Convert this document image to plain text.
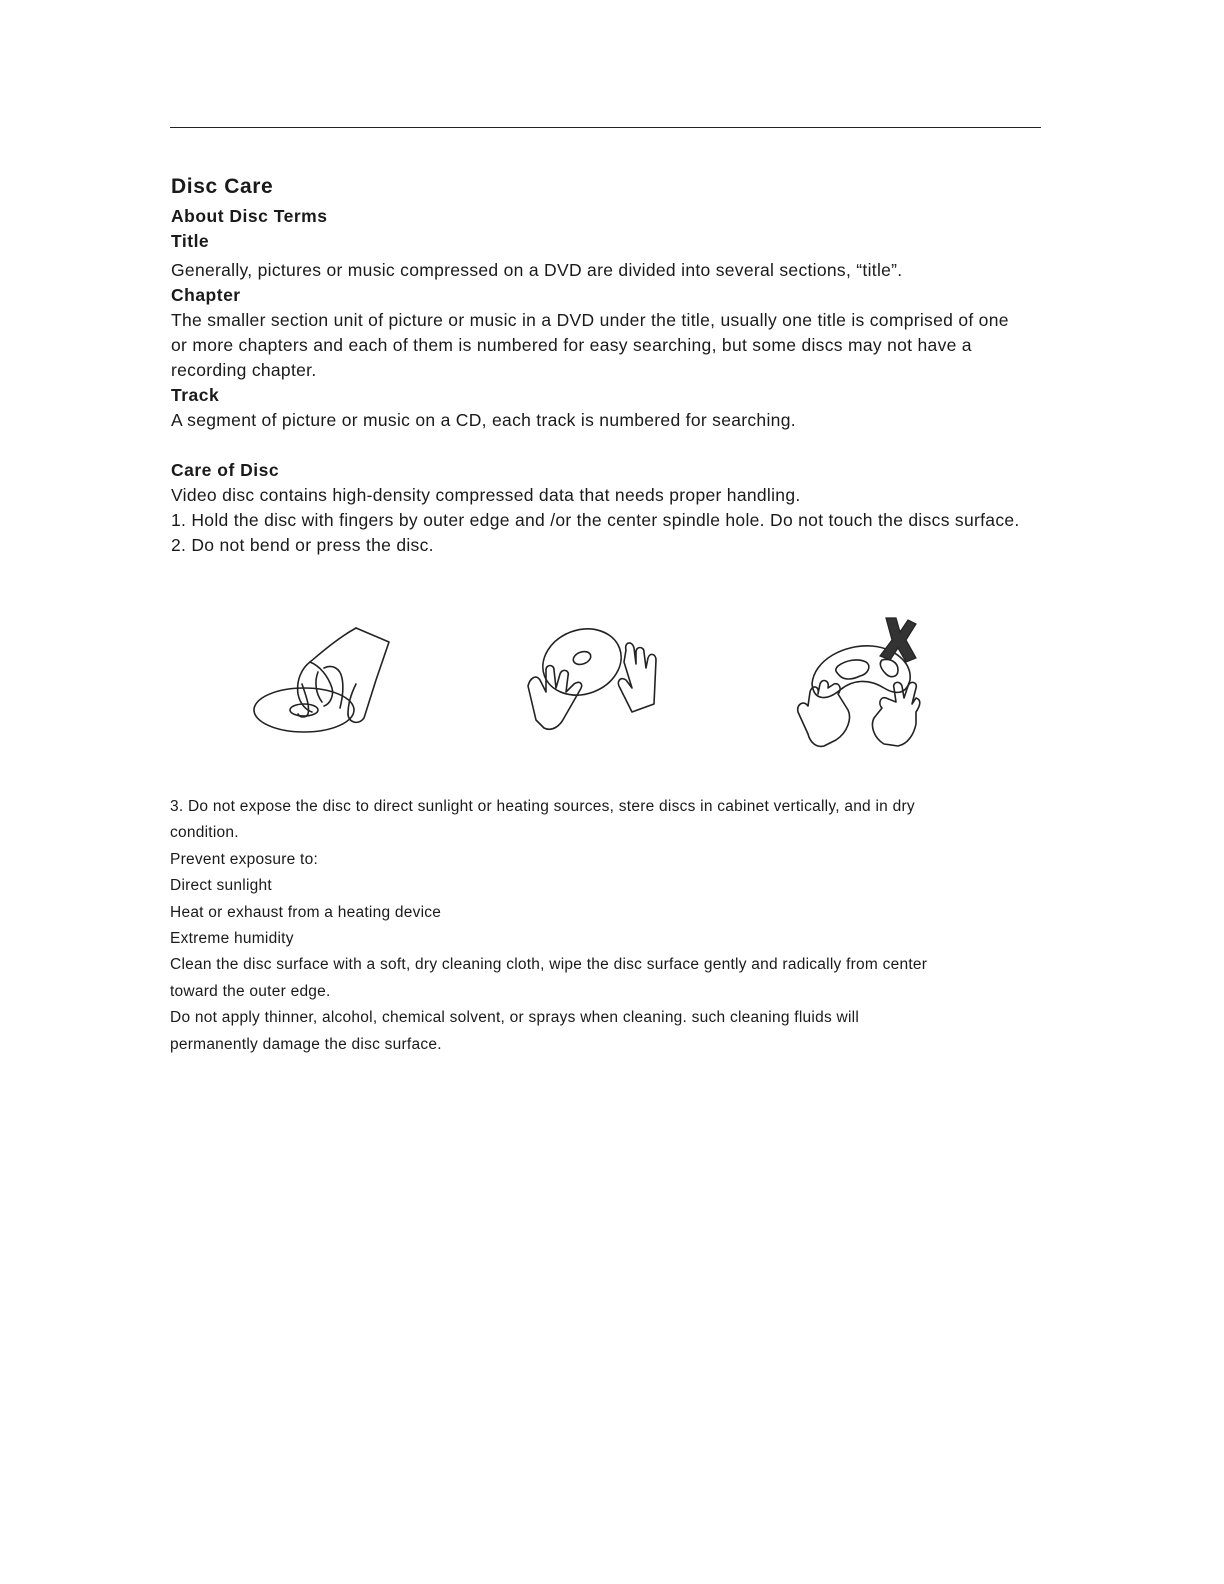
Disc Care
About Disc Terms
Title
Generally, pictures or music compressed on a DVD are divided into several sections, “title”.
Chapter
The smaller section unit of picture or music in a DVD under the title, usually one title is comprised of one
or more chapters and each of them is numbered for easy searching, but some discs may not have a
recording chapter.
Track
A segment of picture or music on a CD, each track is numbered for searching.
Care of Disc
Video disc contains high-density compressed data that needs proper handling.
1. Hold the disc with fingers by outer edge and /or the center spindle hole. Do not touch the discs surface.
2. Do not bend or press the disc.
3. Do not expose the disc to direct sunlight or heating sources, stere discs in cabinet vertically, and in dry
condition.
Prevent exposure to:
Direct sunlight
Heat or exhaust from a heating device
Extreme humidity
Clean the disc surface with a soft, dry cleaning cloth, wipe the disc surface gently and radically from center
toward the outer edge.
Do not apply thinner, alcohol, chemical solvent, or sprays when cleaning. such cleaning fluids will
permanently damage the disc surface.
